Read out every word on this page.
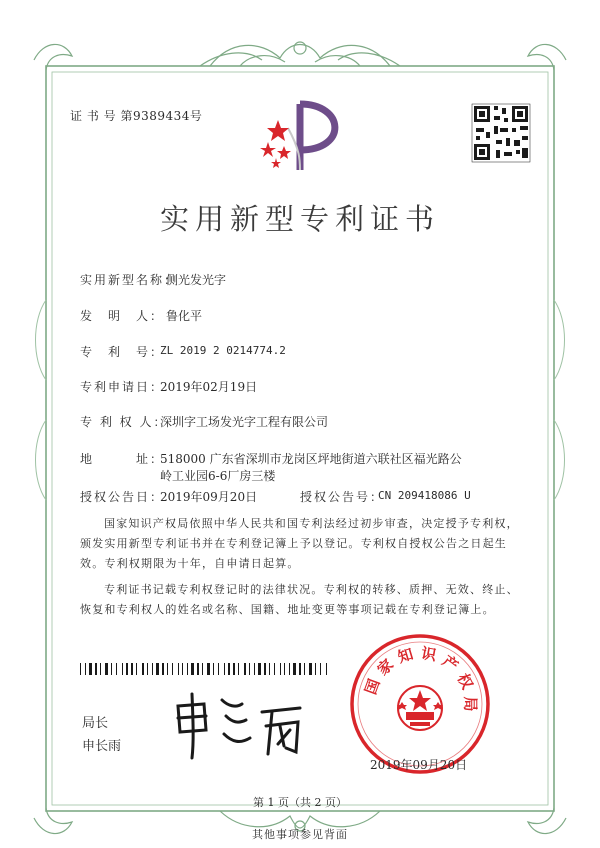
国
家
知 识 产
权
局
证 书 号 第9389434号
实用新型专利证书
实用新型名称：
侧光发光字
发　明　人： 鲁化平
专　利　号：
ZL 2019 2 0214774.2
专利申请日：
2019年02月19日
专 利 权 人：
深圳字工场发光字工程有限公司
地　　　址：
518000 广东省深圳市龙岗区坪地街道六联社区福光路公
岭工业园6-6厂房三楼
授权公告日：
2019年09月20日	授权公告号：
CN 209418086 U
国家知识产权局依照中华人民共和国专利法经过初步审查，决定授予专利权，颁发实用新型专利证书并在专利登记簿上予以登记。专利权自授权公告之日起生效。专利权期限为十年，自申请日起算。
专利证书记载专利权登记时的法律状况。专利权的转移、质押、无效、终止、恢复和专利权人的姓名或名称、国籍、地址变更等事项记载在专利登记簿上。
局长
申长雨
2019年09月20日
第 1 页（共 2 页）
其他事项参见背面
